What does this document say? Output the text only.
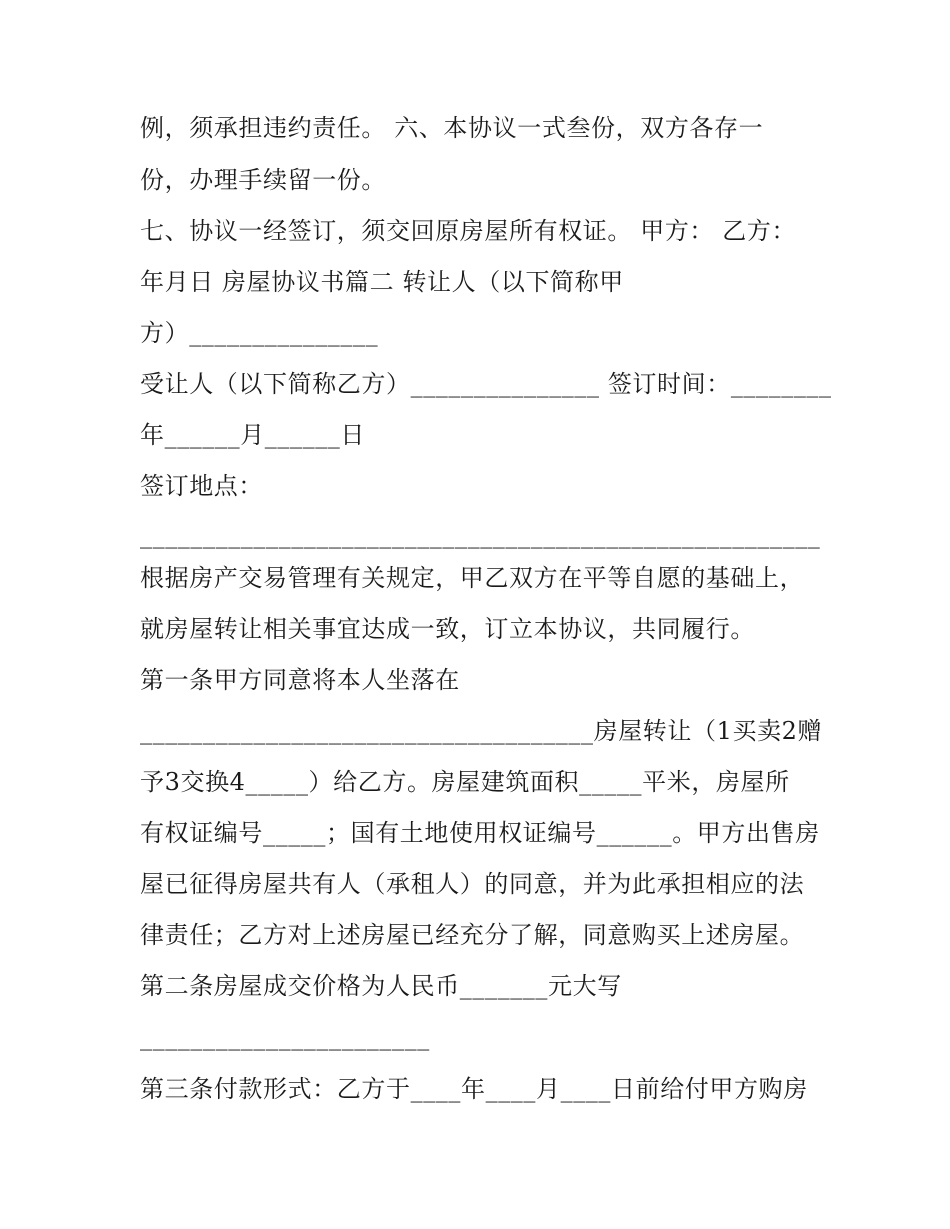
例，须承担违约责任。 六、本协议一式叁份，双方各存一

份，办理手续留一份。

七、协议一经签订，须交回原房屋所有权证。 甲方： 乙方：

年月日 房屋协议书篇二 转让人（以下简称甲

方）_______________

受让人（以下简称乙方）_______________ 签订时间：________

年______月______日

签订地点：

______________________________________________________

根据房产交易管理有关规定，甲乙双方在平等自愿的基础上，

就房屋转让相关事宜达成一致，订立本协议，共同履行。

第一条甲方同意将本人坐落在

____________________________________房屋转让（1买卖2赠

予3交换4_____）给乙方。房屋建筑面积_____平米，房屋所

有权证编号_____；国有土地使用权证编号______。甲方出售房

屋已征得房屋共有人（承租人）的同意，并为此承担相应的法

律责任；乙方对上述房屋已经充分了解，同意购买上述房屋。

第二条房屋成交价格为人民币_______元大写

_______________________

第三条付款形式：乙方于____年____月____日前给付甲方购房
